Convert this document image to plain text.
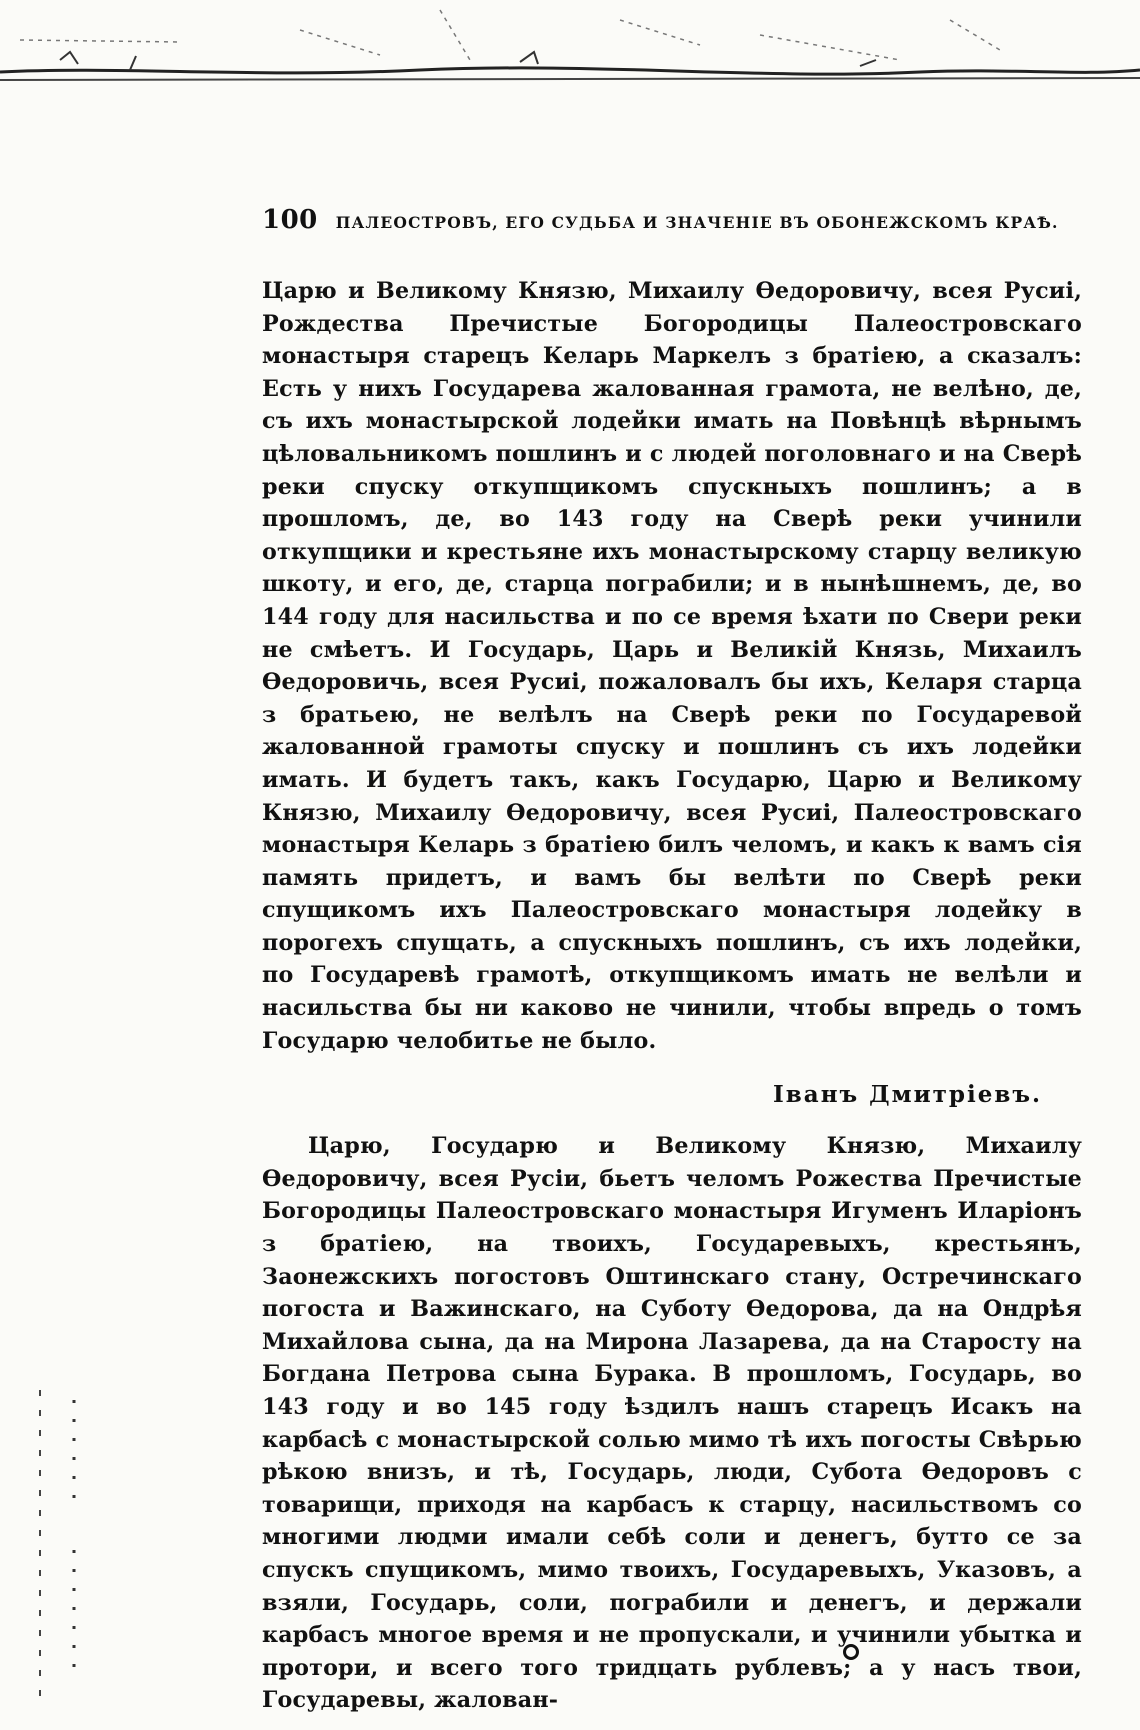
100 ПАЛЕОСТРОВЪ, ЕГО СУДЬБА И ЗНАЧЕНІЕ ВЪ ОБОНЕЖСКОМЪ КРАѢ.

Царю и Великому Князю, Михаилу Ѳедоровичу, всея Русиі, Рождества Пречистые Богородицы Палеостровскаго монастыря старецъ Келарь Маркелъ з братіею, а сказалъ: Есть у нихъ Государева жалованная грамота, не велѣно, де, съ ихъ монастырской лодейки имать на Повѣнцѣ вѣрнымъ цѣловальникомъ пошлинъ и с людей поголовнаго и на Сверѣ реки спуску откупщикомъ спускныхъ пошлинъ; а в прошломъ, де, во 143 году на Сверѣ реки учинили откупщики и крестьяне ихъ монастырскому старцу великую шкоту, и его, де, старца пограбили; и в нынѣшнемъ, де, во 144 году для насильства и по се время ѣхати по Свери реки не смѣетъ. И Государь, Царь и Великій Князь, Михаилъ Ѳедоровичь, всея Русиі, пожаловалъ бы ихъ, Келаря старца з братьею, не велѣлъ на Сверѣ реки по Государевой жалованной грамоты спуску и пошлинъ съ ихъ лодейки имать. И будетъ такъ, какъ Государю, Царю и Великому Князю, Михаилу Ѳедоровичу, всея Русиі, Палеостровскаго монастыря Келарь з братіею билъ челомъ, и какъ к вамъ сія память придетъ, и вамъ бы велѣти по Сверѣ реки спущикомъ ихъ Палеостровскаго монастыря лодейку в порогехъ спущать, а спускныхъ пошлинъ, съ ихъ лодейки, по Государевѣ грамотѣ, откупщикомъ имать не велѣли и насильства бы ни каково не чинили, чтобы впредь о томъ Государю челобитье не было.

Іванъ Дмитріевъ.

Царю, Государю и Великому Князю, Михаилу Ѳедоровичу, всея Русіи, бьетъ челомъ Рожества Пречистые Богородицы Палеостровскаго монастыря Игуменъ Иларіонъ з братіею, на твоихъ, Государевыхъ, крестьянъ, Заонежскихъ погостовъ Оштинскаго стану, Остречинскаго погоста и Важинскаго, на Суботу Ѳедорова, да на Ондрѣя Михайлова сына, да на Мирона Лазарева, да на Старосту на Богдана Петрова сына Бурака. В прошломъ, Государь, во 143 году и во 145 году ѣздилъ нашъ старецъ Исакъ на карбасѣ с монастырской солью мимо тѣ ихъ погосты Свѣрью рѣкою внизъ, и тѣ, Государь, люди, Субота Ѳедоровъ с товарищи, приходя на карбасъ к старцу, насильствомъ со многими людми имали себѣ соли и денегъ, бутто се за спускъ спущикомъ, мимо твоихъ, Государевыхъ, Указовъ, а взяли, Государь, соли, пограбили и денегъ, и держали карбасъ многое время и не пропускали, и учинили убытка и протори, и всего того тридцать рублевъ; а у насъ твои, Государевы, жалован-
